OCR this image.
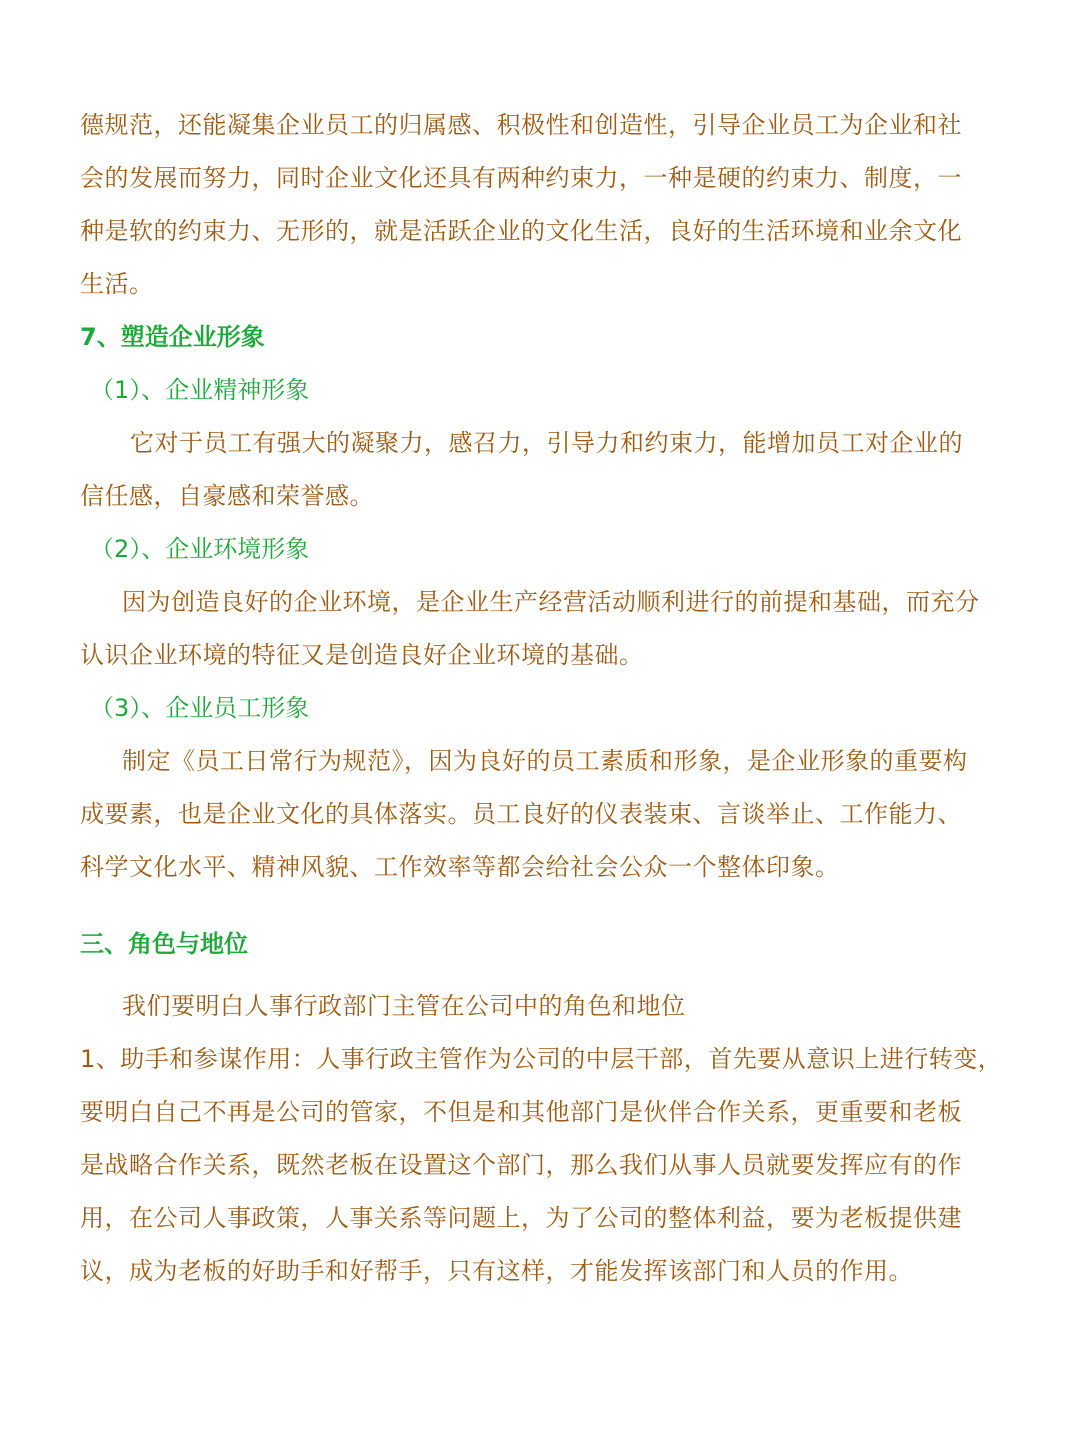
德规范，还能凝集企业员工的归属感、积极性和创造性，引导企业员工为企业和社
会的发展而努力，同时企业文化还具有两种约束力，一种是硬的约束力、制度，一
种是软的约束力、无形的，就是活跃企业的文化生活，良好的生活环境和业余文化
生活。
7、塑造企业形象
（1）、企业精神形象
它对于员工有强大的凝聚力，感召力，引导力和约束力，能增加员工对企业的
信任感，自豪感和荣誉感。
（2）、企业环境形象
因为创造良好的企业环境，是企业生产经营活动顺利进行的前提和基础，而充分
认识企业环境的特征又是创造良好企业环境的基础。
（3）、企业员工形象
制定《员工日常行为规范》，因为良好的员工素质和形象，是企业形象的重要构
成要素，也是企业文化的具体落实。员工良好的仪表装束、言谈举止、工作能力、
科学文化水平、精神风貌、工作效率等都会给社会公众一个整体印象。
三、角色与地位
我们要明白人事行政部门主管在公司中的角色和地位
1、助手和参谋作用：人事行政主管作为公司的中层干部，首先要从意识上进行转变，
要明白自己不再是公司的管家，不但是和其他部门是伙伴合作关系，更重要和老板
是战略合作关系，既然老板在设置这个部门，那么我们从事人员就要发挥应有的作
用，在公司人事政策，人事关系等问题上，为了公司的整体利益，要为老板提供建
议，成为老板的好助手和好帮手，只有这样，才能发挥该部门和人员的作用。
